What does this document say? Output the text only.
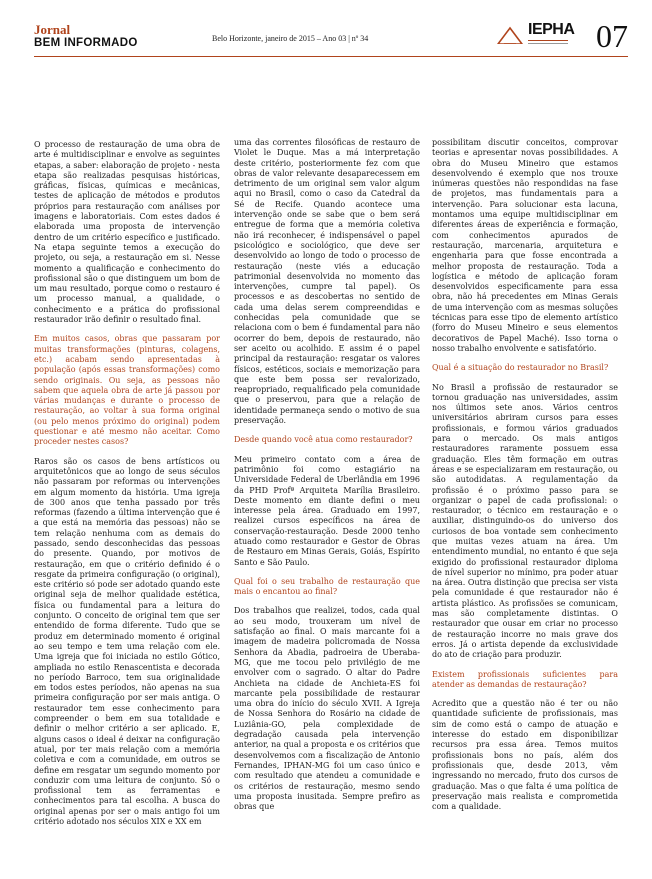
Jornal
BEM INFORMADO	Belo Horizonte, janeiro de 2015 – Ano 03 | nº 34
IEPHA 07

O processo de restauração de uma obra de arte é multidisciplinar e envolve as seguintes etapas, a saber: elaboração de projeto - nesta etapa são realizadas pesquisas históricas, gráficas, físicas, químicas e mecânicas, testes de aplicação de métodos e produtos próprios para restauração com análises por imagens e laboratoriais. Com estes dados é elaborada uma proposta de intervenção dentro de um critério específico e justificado. Na etapa seguinte temos a execução do projeto, ou seja, a restauração em si. Nesse momento a qualificação e conhecimento do profissional são o que distinguem um bom de um mau resultado, porque como o restauro é um processo manual, a qualidade, o conhecimento e a prática do profissional restaurador irão definir o resultado final.

Em muitos casos, obras que passaram por muitas transformações (pinturas, colagens, etc.) acabam sendo apresentadas à população (após essas transformações) como sendo originais. Ou seja, as pessoas não sabem que aquela obra de arte já passou por várias mudanças e durante o processo de restauração, ao voltar à sua forma original (ou pelo menos próximo do original) podem questionar e até mesmo não aceitar. Como proceder nestes casos?

Raros são os casos de bens artísticos ou arquitetônicos que ao longo de seus séculos não passaram por reformas ou intervenções em algum momento da história. Uma igreja de 300 anos que tenha passado por três reformas (fazendo a última intervenção que é a que está na memória das pessoas) não se tem relação nenhuma com as demais do passado, sendo desconhecidas das pessoas do presente. Quando, por motivos de restauração, em que o critério definido é o resgate da primeira configuração (o original), este critério só pode ser adotado quando este original seja de melhor qualidade estética, física ou fundamental para a leitura do conjunto. O conceito de original tem que ser entendido de forma diferente. Tudo que se produz em determinado momento é original ao seu tempo e tem uma relação com ele. Uma igreja que foi iniciada no estilo Gótico, ampliada no estilo Renascentista e decorada no período Barroco, tem sua originalidade em todos estes períodos, não apenas na sua primeira configuração por ser mais antiga. O restaurador tem esse conhecimento para compreender o bem em sua totalidade e definir o melhor critério a ser aplicado. E, alguns casos o ideal é deixar na configuração atual, por ter mais relação com a memória coletiva e com a comunidade, em outros se define em resgatar um segundo momento por conduzir com uma leitura de conjunto. Só o profissional tem as ferramentas e conhecimentos para tal escolha. A busca do original apenas por ser o mais antigo foi um critério adotado nos séculos XIX e XX em

uma das correntes filosóficas de restauro de Violet le Duque. Mas a má interpretação deste critério, posteriormente fez com que obras de valor relevante desaparecessem em detrimento de um original sem valor algum aqui no Brasil, como o caso da Catedral da Sé de Recife. Quando acontece uma intervenção onde se sabe que o bem será entregue de forma que a memória coletiva não irá reconhecer, é indispensável o papel psicológico e sociológico, que deve ser desenvolvido ao longo de todo o processo de restauração (neste viés a educação patrimonial desenvolvida no momento das intervenções, cumpre tal papel). Os processos e as descobertas no sentido de cada uma delas serem compreendidas e conhecidas pela comunidade que se relaciona com o bem é fundamental para não ocorrer do bem, depois de restaurado, não ser aceito ou acolhido. E assim é o papel principal da restauração: resgatar os valores físicos, estéticos, sociais e memorização para que este bem possa ser revalorizado, reapropriado, requalificado pela comunidade que o preservou, para que a relação de identidade permaneça sendo o motivo de sua preservação.

Desde quando você atua como restaurador?

Meu primeiro contato com a área de patrimônio foi como estagiário na Universidade Federal de Uberlândia em 1996 da PHD Profª Arquiteta Marília Brasileiro. Deste momento em diante defini o meu interesse pela área. Graduado em 1997, realizei cursos específicos na área de conservação-restauração. Desde 2000 tenho atuado como restaurador e Gestor de Obras de Restauro em Minas Gerais, Goiás, Espírito Santo e São Paulo.

Qual foi o seu trabalho de restauração que mais o encantou ao final?

Dos trabalhos que realizei, todos, cada qual ao seu modo, trouxeram um nível de satisfação ao final. O mais marcante foi a imagem de madeira policromada de Nossa Senhora da Abadia, padroeira de Uberaba-MG, que me tocou pelo privilégio de me envolver com o sagrado. O altar do Padre Anchieta na cidade de Anchieta-ES foi marcante pela possibilidade de restaurar uma obra do início do século XVII. A Igreja de Nossa Senhora do Rosário na cidade de Luziânia-GO, pela complexidade de degradação causada pela intervenção anterior, na qual a proposta e os critérios que desenvolvemos com a fiscalização de Antonio Fernandes, IPHAN-MG foi um caso único e com resultado que atendeu a comunidade e os critérios de restauração, mesmo sendo uma proposta inusitada. Sempre prefiro as obras que

possibilitam discutir conceitos, comprovar teorias e apresentar novas possibilidades. A obra do Museu Mineiro que estamos desenvolvendo é exemplo que nos trouxe inúmeras questões não respondidas na fase de projetos, mas fundamentais para a intervenção. Para solucionar esta lacuna, montamos uma equipe multidisciplinar em diferentes áreas de experiência e formação, com conhecimentos apurados de restauração, marcenaria, arquitetura e engenharia para que fosse encontrada a melhor proposta de restauração. Toda a logística e método de aplicação foram desenvolvidos especificamente para essa obra, não há precedentes em Minas Gerais de uma intervenção com as mesmas soluções técnicas para esse tipo de elemento artístico (forro do Museu Mineiro e seus elementos decorativos de Papel Maché). Isso torna o nosso trabalho envolvente e satisfatório.

Qual é a situação do restaurador no Brasil?

No Brasil a profissão de restaurador se tornou graduação nas universidades, assim nos últimos sete anos. Vários centros universitários abriram cursos para esses profissionais, e formou vários graduados para o mercado. Os mais antigos restauradores raramente possuem essa graduação. Eles têm formação em outras áreas e se especializaram em restauração, ou são autodidatas. A regulamentação da profissão é o próximo passo para se organizar o papel de cada profissional: o restaurador, o técnico em restauração e o auxiliar, distinguindo-os do universo dos curiosos de boa vontade sem conhecimento que muitas vezes atuam na área. Um entendimento mundial, no entanto é que seja exigido do profissional restaurador diploma de nível superior no mínimo, pra poder atuar na área. Outra distinção que precisa ser vista pela comunidade é que restaurador não é artista plástico. As profissões se comunicam, mas são completamente distintas. O restaurador que ousar em criar no processo de restauração incorre no mais grave dos erros. Já o artista depende da exclusividade do ato de criação para produzir.

Existem profissionais suficientes para atender as demandas de restauração?

Acredito que a questão não é ter ou não quantidade suficiente de profissionais, mas sim de como está o campo de atuação e interesse do estado em disponibilizar recursos pra essa área. Temos muitos profissionais bons no país, além dos profissionais que, desde 2013, vêm ingressando no mercado, fruto dos cursos de graduação. Mas o que falta é uma política de preservação mais realista e comprometida com a qualidade.
